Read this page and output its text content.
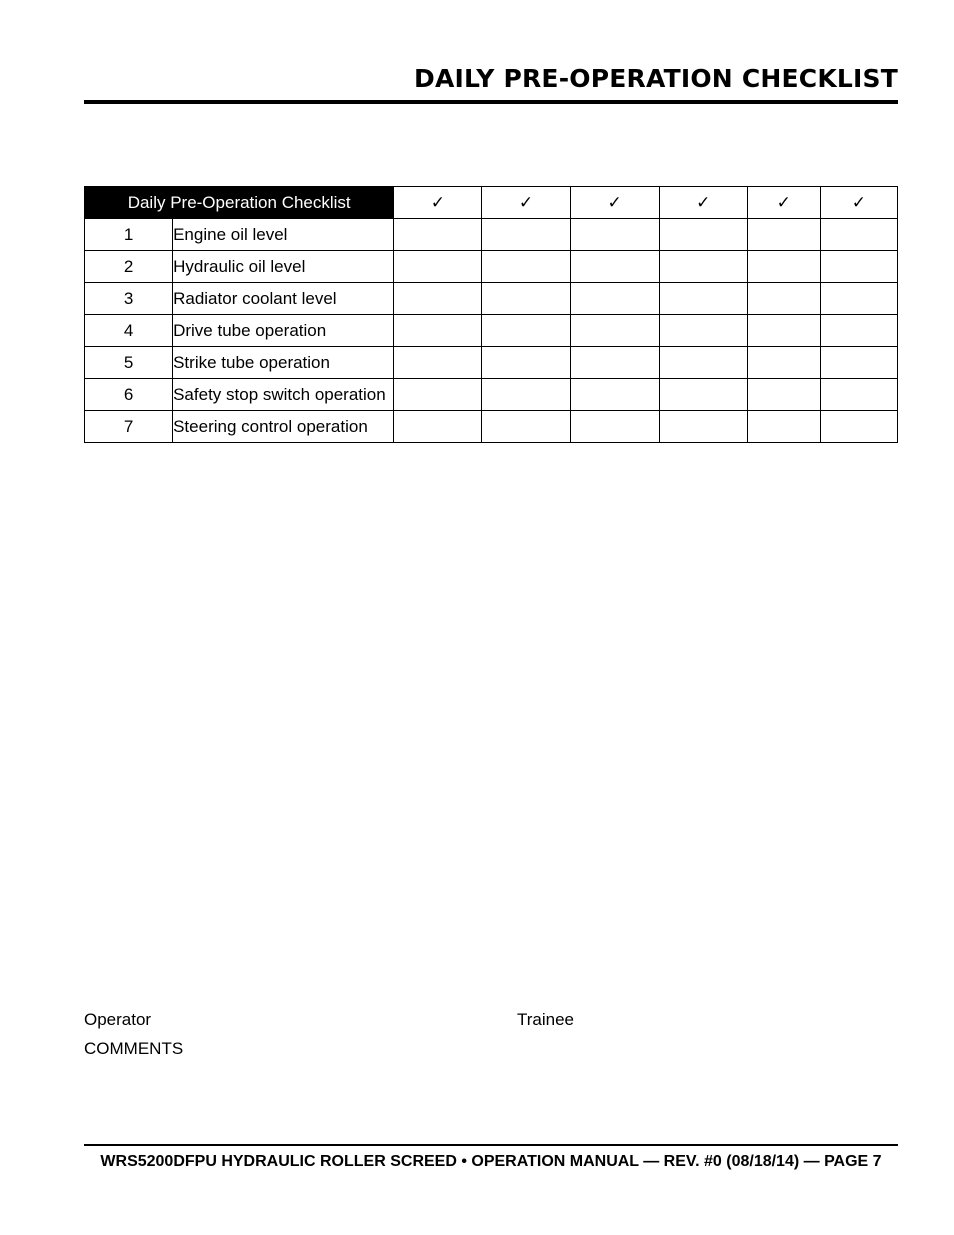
DAILY PRE-OPERATION CHECKLIST
Daily Pre-Operation Checklist		✓	✓	✓	✓	✓	✓
1	Engine oil level						
2	Hydraulic oil level						
3	Radiator coolant level						
4	Drive tube operation						
5	Strike tube operation						
6	Safety stop switch operation						
7	Steering control operation						
Operator	Trainee
COMMENTS
WRS5200DFPU HYDRAULIC ROLLER SCREED • OPERATION MANUAL — REV. #0 (08/18/14) — PAGE 7
